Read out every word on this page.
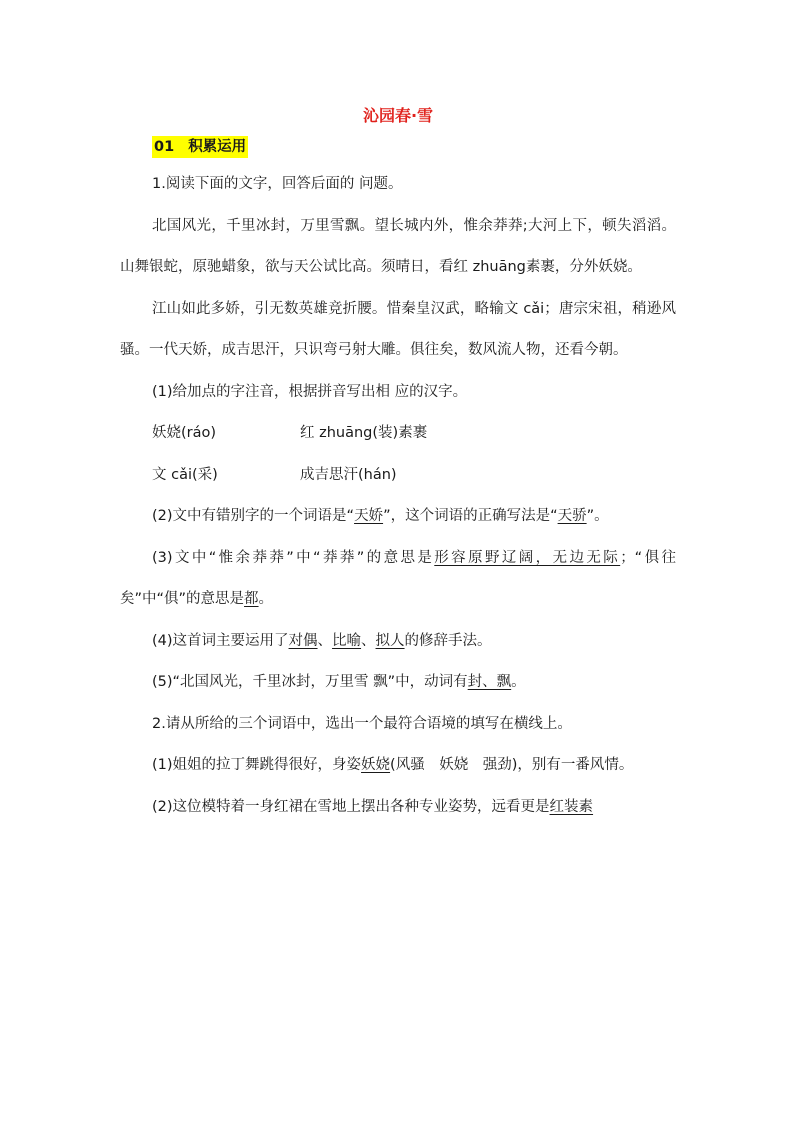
沁园春·雪
01 积累运用

1.阅读下面的文字，回答后面的 问题。

北国风光，千里冰封，万里雪飘。望长城内外，惟余莽莽;大河上下，顿失滔滔。山舞银蛇，原驰蜡象，欲与天公试比高。须晴日，看红 zhuāng素裹，分外妖娆。

江山如此多娇，引无数英雄竞折腰。惜秦皇汉武，略输文 cǎi；唐宗宋祖，稍逊风骚。一代天娇，成吉思汗，只识弯弓射大雕。俱往矣，数风流人物，还看今朝。

(1)给加点的字注音，根据拼音写出相 应的汉字。

妖娆(ráo)	红 zhuāng(装)素裹
文 cǎi(采)	成吉思汗(hán)

(2)文中有错别字的一个词语是“天娇”，这个词语的正确写法是“天骄”。

(3)文中“惟余莽莽”中“莽莽”的意思是形容原野辽阔，无边无际；“俱往矣”中“俱”的意思是都。

(4)这首词主要运用了对偶、比喻、拟人的修辞手法。

(5)“北国风光，千里冰封，万里雪 飘”中，动词有封、飘。

2.请从所给的三个词语中，选出一个最符合语境的填写在横线上。

(1)姐姐的拉丁舞跳得很好，身姿妖娆(风骚　妖娆　强劲)，别有一番风情。

(2)这位模特着一身红裙在雪地上摆出各种专业姿势，远看更是红装素
